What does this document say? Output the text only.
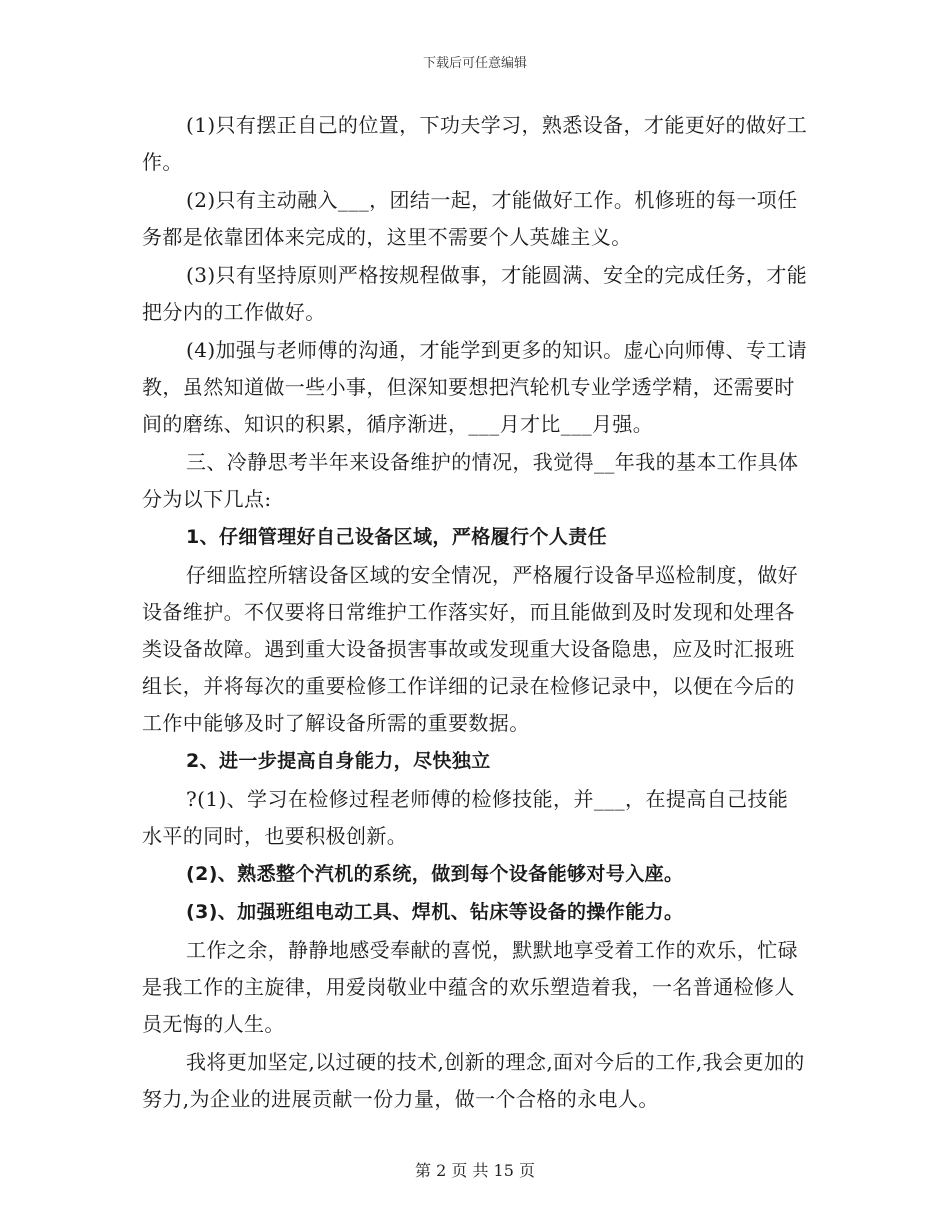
下载后可任意编辑

(1)只有摆正自己的位置，下功夫学习，熟悉设备，才能更好的做好工作。

(2)只有主动融入___，团结一起，才能做好工作。机修班的每一项任务都是依靠团体来完成的，这里不需要个人英雄主义。

(3)只有坚持原则严格按规程做事，才能圆满、安全的完成任务，才能把分内的工作做好。

(4)加强与老师傅的沟通，才能学到更多的知识。虚心向师傅、专工请教，虽然知道做一些小事，但深知要想把汽轮机专业学透学精，还需要时间的磨练、知识的积累，循序渐进，___月才比___月强。

三、冷静思考半年来设备维护的情况，我觉得__年我的基本工作具体分为以下几点:

1、仔细管理好自己设备区域，严格履行个人责任

仔细监控所辖设备区域的安全情况，严格履行设备早巡检制度，做好设备维护。不仅要将日常维护工作落实好，而且能做到及时发现和处理各类设备故障。遇到重大设备损害事故或发现重大设备隐患，应及时汇报班组长，并将每次的重要检修工作详细的记录在检修记录中，以便在今后的工作中能够及时了解设备所需的重要数据。

2、进一步提高自身能力，尽快独立

?(1)、学习在检修过程老师傅的检修技能，并___，在提高自己技能水平的同时，也要积极创新。

(2)、熟悉整个汽机的系统，做到每个设备能够对号入座。

(3)、加强班组电动工具、焊机、钻床等设备的操作能力。

工作之余，静静地感受奉献的喜悦，默默地享受着工作的欢乐，忙碌是我工作的主旋律，用爱岗敬业中蕴含的欢乐塑造着我，一名普通检修人员无悔的人生。

我将更加坚定,以过硬的技术,创新的理念,面对今后的工作,我会更加的努力,为企业的进展贡献一份力量，做一个合格的永电人。

第 2 页 共 15 页
